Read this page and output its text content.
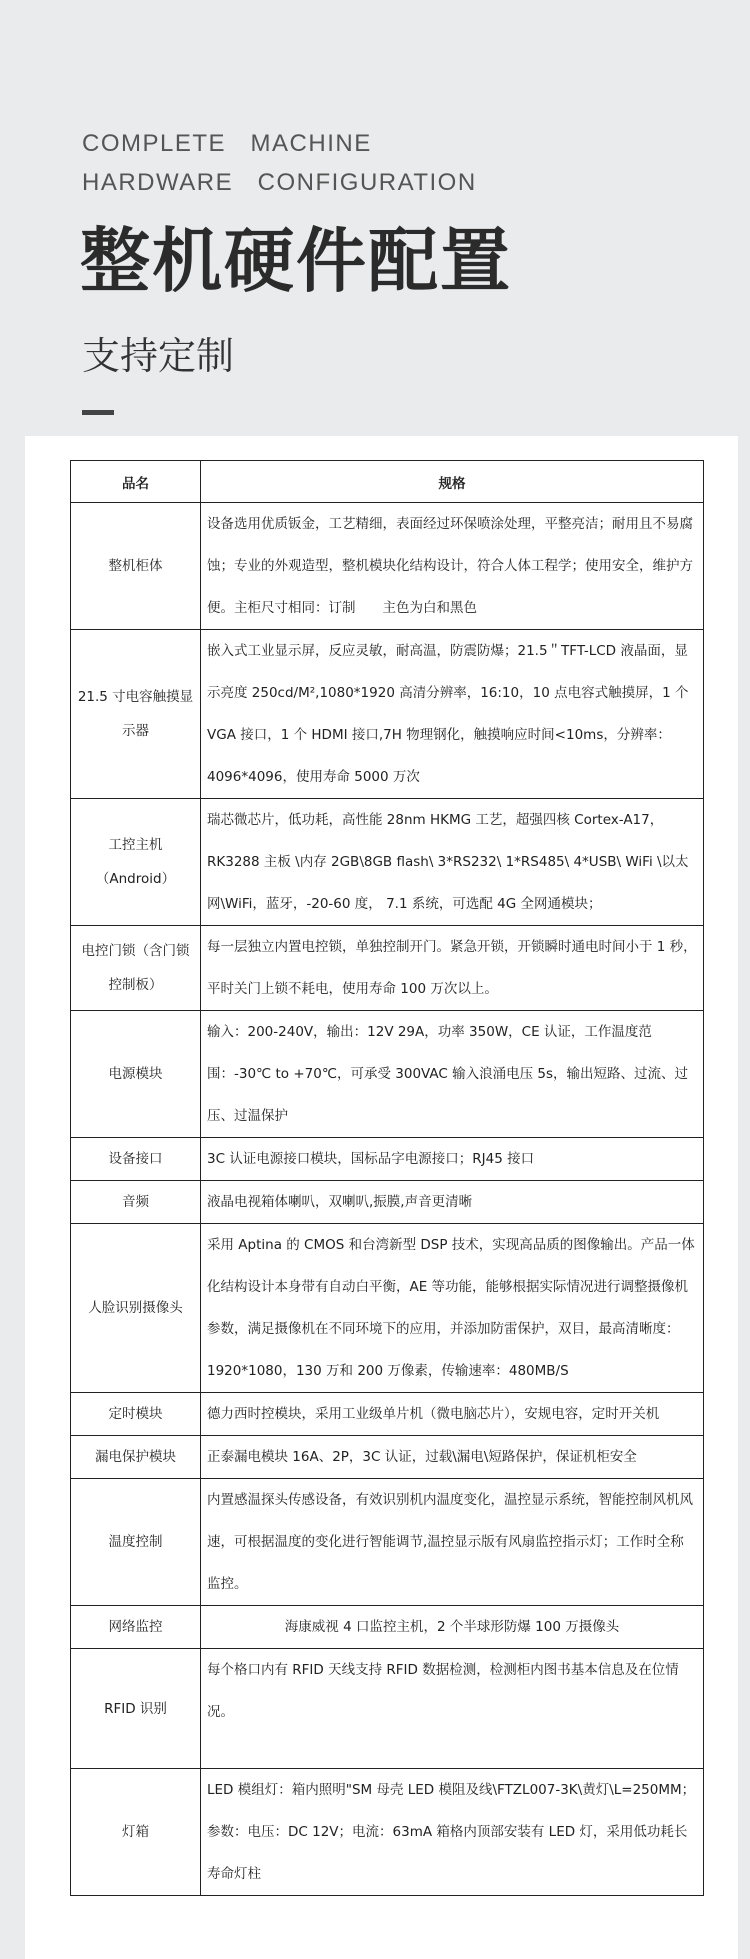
COMPLETE   MACHINE
HARDWARE   CONFIGURATION
整机硬件配置
支持定制
品名	规格
整机柜体	设备选用优质钣金，工艺精细，表面经过环保喷涂处理，平整亮洁；耐用且不易腐蚀；专业的外观造型，整机模块化结构设计，符合人体工程学；使用安全，维护方便。主柜尺寸相同：订制　　主色为白和黑色
21.5 寸电容触摸显示器	嵌入式工业显示屏，反应灵敏，耐高温，防震防爆；21.5＂TFT-LCD 液晶面，显示亮度 250cd/M²,1080*1920 高清分辨率，16:10，10 点电容式触摸屏，1 个 VGA 接口，1 个 HDMI 接口,7H 物理钢化，触摸响应时间<10ms，分辨率：4096*4096，使用寿命 5000 万次
工控主机（Android）	瑞芯微芯片，低功耗，高性能 28nm HKMG 工艺，超强四核 Cortex-A17，RK3288 主板 \内存 2GB\8GB flash\ 3*RS232\ 1*RS485\ 4*USB\ WiFi \以太网\WiFi，蓝牙，-20-60 度， 7.1 系统，可选配 4G 全网通模块；
电控门锁（含门锁控制板）	每一层独立内置电控锁，单独控制开门。紧急开锁，开锁瞬时通电时间小于 1 秒，平时关门上锁不耗电，使用寿命 100 万次以上。
电源模块	输入：200-240V，输出：12V 29A，功率 350W，CE 认证，工作温度范围：-30℃ to +70℃，可承受 300VAC 输入浪涌电压 5s，输出短路、过流、过压、过温保护
设备接口	3C 认证电源接口模块，国标品字电源接口；RJ45 接口
音频	液晶电视箱体喇叭，双喇叭,振膜,声音更清晰
人脸识别摄像头	采用 Aptina 的 CMOS 和台湾新型 DSP 技术，实现高品质的图像输出。产品一体化结构设计本身带有自动白平衡，AE 等功能，能够根据实际情况进行调整摄像机参数，满足摄像机在不同环境下的应用，并添加防雷保护，双目，最高清晰度：1920*1080，130 万和 200 万像素，传输速率：480MB/S
定时模块	德力西时控模块，采用工业级单片机（微电脑芯片），安规电容，定时开关机
漏电保护模块	正泰漏电模块 16A、2P，3C 认证，过载\漏电\短路保护，保证机柜安全
温度控制	内置感温探头传感设备，有效识别机内温度变化，温控显示系统，智能控制风机风速，可根据温度的变化进行智能调节,温控显示版有风扇监控指示灯；工作时全称监控。
网络监控	海康威视 4 口监控主机，2 个半球形防爆 100 万摄像头
RFID 识别	每个格口内有 RFID 天线支持 RFID 数据检测，检测柜内图书基本信息及在位情况。
灯箱	LED 模组灯：箱内照明"SM 母壳 LED 模阻及线\FTZL007-3K\黄灯\L=250MM；参数：电压：DC 12V；电流：63mA 箱格内顶部安装有 LED 灯，采用低功耗长寿命灯柱
